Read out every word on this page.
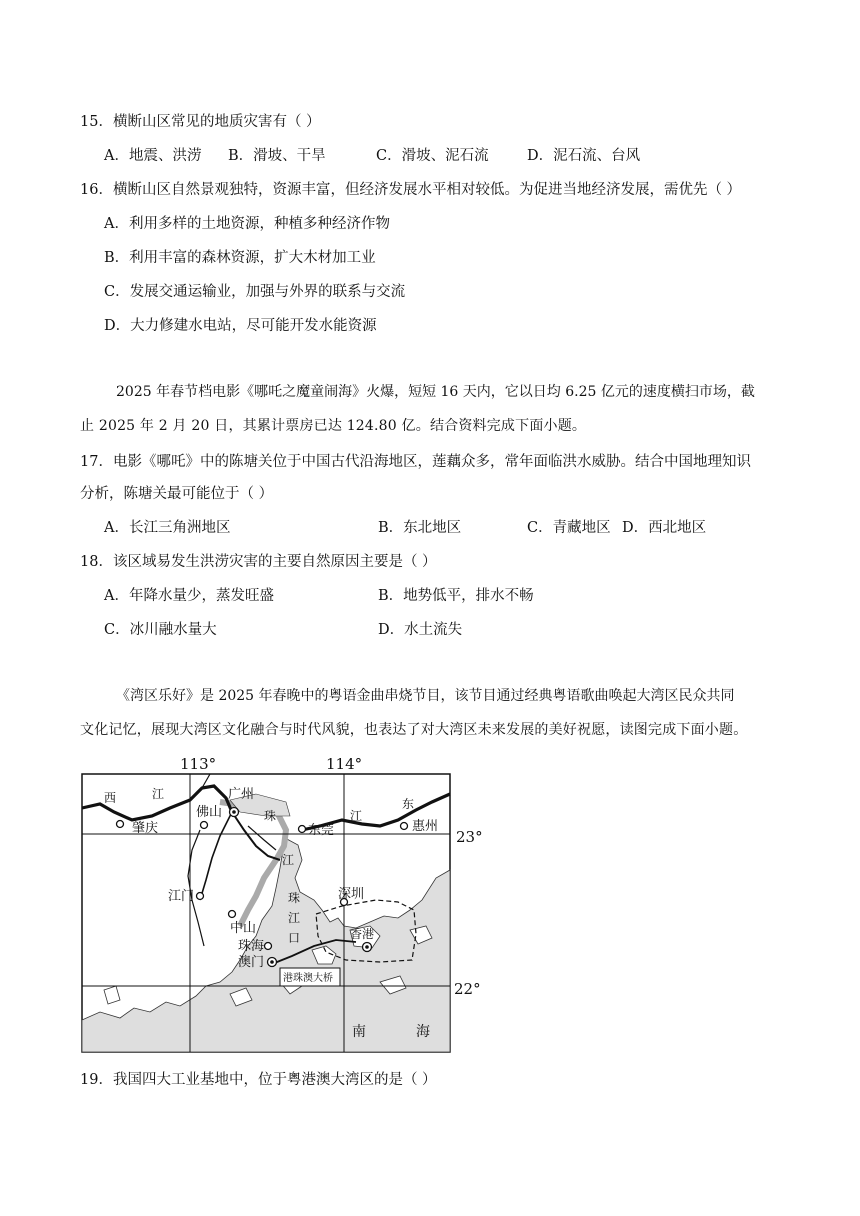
15．横断山区常见的地质灾害有（ ）
A．地震、洪涝 B．滑坡、干旱	C．滑坡、泥石流	D．泥石流、台风
16．横断山区自然景观独特，资源丰富，但经济发展水平相对较低。为促进当地经济发展，需优先（ ）
A．利用多样的土地资源，种植多种经济作物
B．利用丰富的森林资源，扩大木材加工业
C．发展交通运输业，加强与外界的联系与交流
D．大力修建水电站，尽可能开发水能资源
2025 年春节档电影《哪吒之魔童闹海》火爆，短短 16 天内，它以日均 6.25 亿元的速度横扫市场，截
止 2025 年 2 月 20 日，其累计票房已达 124.80 亿。结合资料完成下面小题。
17．电影《哪吒》中的陈塘关位于中国古代沿海地区，莲藕众多，常年面临洪水威胁。结合中国地理知识
分析，陈塘关最可能位于（ ）
A．长江三角洲地区	B．东北地区	C．青藏地区 D．西北地区
18．该区域易发生洪涝灾害的主要自然原因主要是（ ）
A．年降水量少，蒸发旺盛	B．地势低平，排水不畅
C．冰川融水量大	D．水土流失
《湾区乐好》是 2025 年春晚中的粤语金曲串烧节目，该节目通过经典粤语歌曲唤起大湾区民众共同
文化记忆，展现大湾区文化融合与时代风貌，也表达了对大湾区未来发展的美好祝愿，读图完成下面小题。
113°	114°
23°
22°
西	江
肇庆
佛山
广州
珠
东莞
江
东
惠州
江
深圳
江门	珠
江
口
中山	香港
珠海
澳门
港珠澳大桥
南	海
19．我国四大工业基地中，位于粤港澳大湾区的是（ ）
